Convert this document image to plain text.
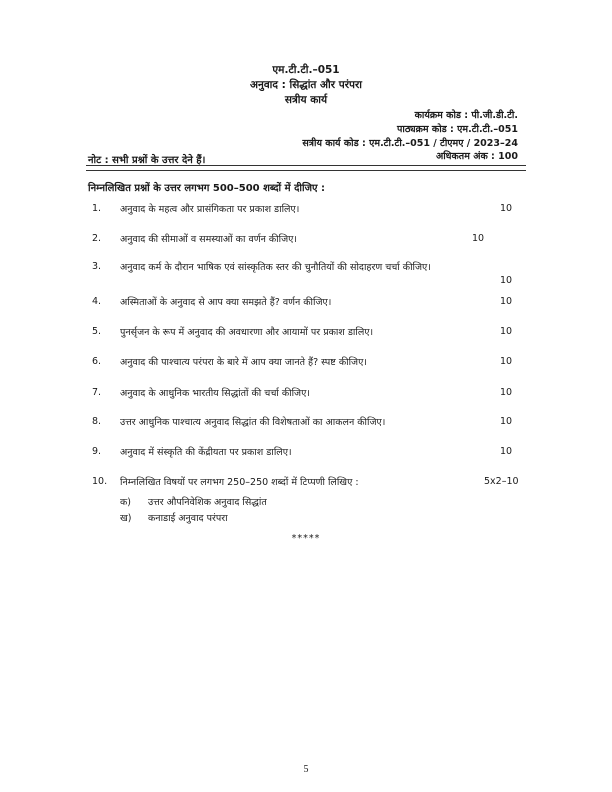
एम.टी.टी.–051
अनुवाद : सिद्धांत और परंपरा
सत्रीय कार्य
कार्यक्रम कोड : पी.जी.डी.टी.
पाठ्यक्रम कोड : एम.टी.टी.–051
सत्रीय कार्य कोड : एम.टी.टी.–051 / टीएमए / 2023–24
अधिकतम अंक : 100
नोट : सभी प्रश्नों के उत्तर देने हैं।
निम्नलिखित प्रश्नों के उत्तर लगभग 500–500 शब्दों में दीजिए :
1. अनुवाद के महत्व और प्रासंगिकता पर प्रकाश डालिए।	10
2. अनुवाद की सीमाओं व समस्याओं का वर्णन कीजिए।	10
3. अनुवाद कर्म के दौरान भाषिक एवं सांस्कृतिक स्तर की चुनौतियों की सोदाहरण चर्चा कीजिए।
10
4. अस्मिताओं के अनुवाद से आप क्या समझते हैं? वर्णन कीजिए।	10
5. पुनर्सृजन के रूप में अनुवाद की अवधारणा और आयामों पर प्रकाश डालिए।	10
6. अनुवाद की पाश्चात्य परंपरा के बारे में आप क्या जानते हैं? स्पष्ट कीजिए।	10
7. अनुवाद के आधुनिक भारतीय सिद्धांतों की चर्चा कीजिए।	10
8. उत्तर आधुनिक पाश्चात्य अनुवाद सिद्धांत की विशेषताओं का आकलन कीजिए।	10
9. अनुवाद में संस्कृति की केंद्रीयता पर प्रकाश डालिए।	10
10. निम्नलिखित विषयों पर लगभग 250–250 शब्दों में टिप्पणी लिखिए :	5x2–10
क) उत्तर औपनिवेशिक अनुवाद सिद्धांत
ख) कनाडाई अनुवाद परंपरा
*****
5
